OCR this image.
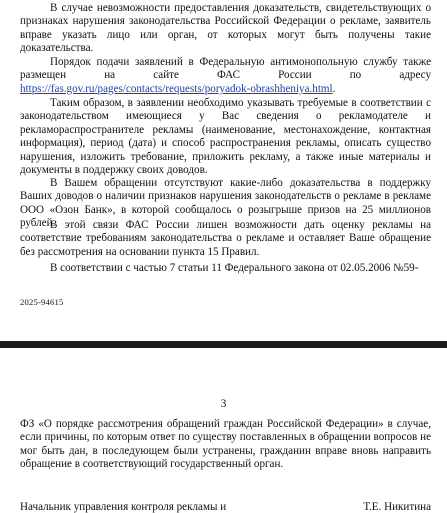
В случае невозможности предоставления доказательств, свидетельствующих о признаках нарушения законодательства Российской Федерации о рекламе, заявитель вправе указать лицо или орган, от которых могут быть получены такие доказательства.

Порядок подачи заявлений в Федеральную антимонопольную службу также размещен на сайте ФАС России по адресу https://fas.gov.ru/pages/contacts/requests/poryadok-obrashheniya.html.

Таким образом, в заявлении необходимо указывать требуемые в соответствии с законодательством имеющиеся у Вас сведения о рекламодателе и рекламораспространителе рекламы (наименование, местонахождение, контактная информация), период (дата) и способ распространения рекламы, описать существо нарушения, изложить требование, приложить рекламу, а также иные материалы и документы в поддержку своих доводов.

В Вашем обращении отсутствуют какие-либо доказательства в поддержку Ваших доводов о наличии признаков нарушения законодательств о рекламе в рекламе ООО «Озон Банк», в которой сообщалось о розыгрыше призов на 25 миллионов рублей.

В этой связи ФАС России лишен возможности дать оценку рекламы на соответствие требованиям законодательства о рекламе и оставляет Ваше обращение без рассмотрения на основании пункта 15 Правил.

В соответствии с частью 7 статьи 11 Федерального закона от 02.05.2006 №59-

2025-94615
3

ФЗ «О порядке рассмотрения обращений граждан Российской Федерации» в случае, если причины, по которым ответ по существу поставленных в обращении вопросов не мог быть дан, в последующем были устранены, гражданин вправе вновь направить обращение в соответствующий государственный орган.

Начальник управления контроля рекламы и	Т.Е. Никитина
